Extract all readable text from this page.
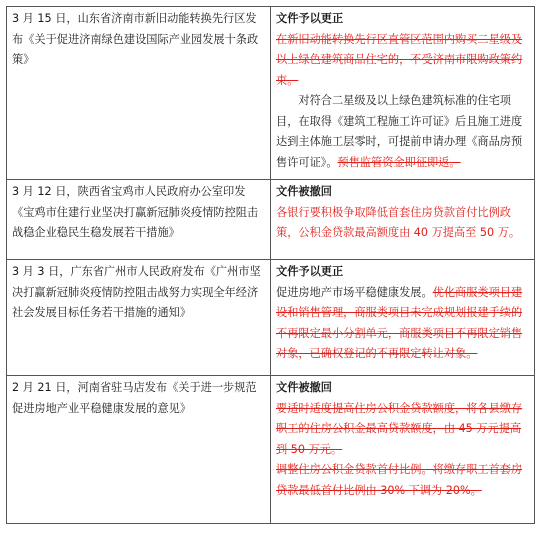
3 月 15 日，山东省济南市新旧动能转换先行区发布《关于促进济南绿色建设国际产业园发展十条政策》	文件予以更正
在新旧动能转换先行区直管区范围内购买二星级及以上绿色建筑商品住宅的，不受济南市限购政策约束。
对符合二星级及以上绿色建筑标准的住宅项目，在取得《建筑工程施工许可证》后且施工进度达到主体施工层零时，可提前申请办理《商品房预售许可证》。预售监管资金即征即返。

3 月 12 日，陕西省宝鸡市人民政府办公室印发《宝鸡市住建行业坚决打赢新冠肺炎疫情防控阻击战稳企业稳民生稳发展若干措施》	文件被撤回
各银行要积极争取降低首套住房贷款首付比例政策，公积金贷款最高额度由 40 万提高至 50 万。

3 月 3 日，广东省广州市人民政府发布《广州市坚决打赢新冠肺炎疫情防控阻击战努力实现全年经济社会发展目标任务若干措施的通知》	文件予以更正
促进房地产市场平稳健康发展。优化商服类项目建设和销售管理，商服类项目未完成规划报建手续的不再限定最小分割单元，商服类项目不再限定销售对象，已确权登记的不再限定转让对象。

2 月 21 日，河南省驻马店发布《关于进一步规范促进房地产业平稳健康发展的意见》	文件被撤回
要适时适度提高住房公积金贷款额度，将各县缴存职工的住房公积金最高贷款额度，由 45 万元提高到 50 万元。
调整住房公积金贷款首付比例。将缴存职工首套房贷款最低首付比例由 30% 下调为 20%。
